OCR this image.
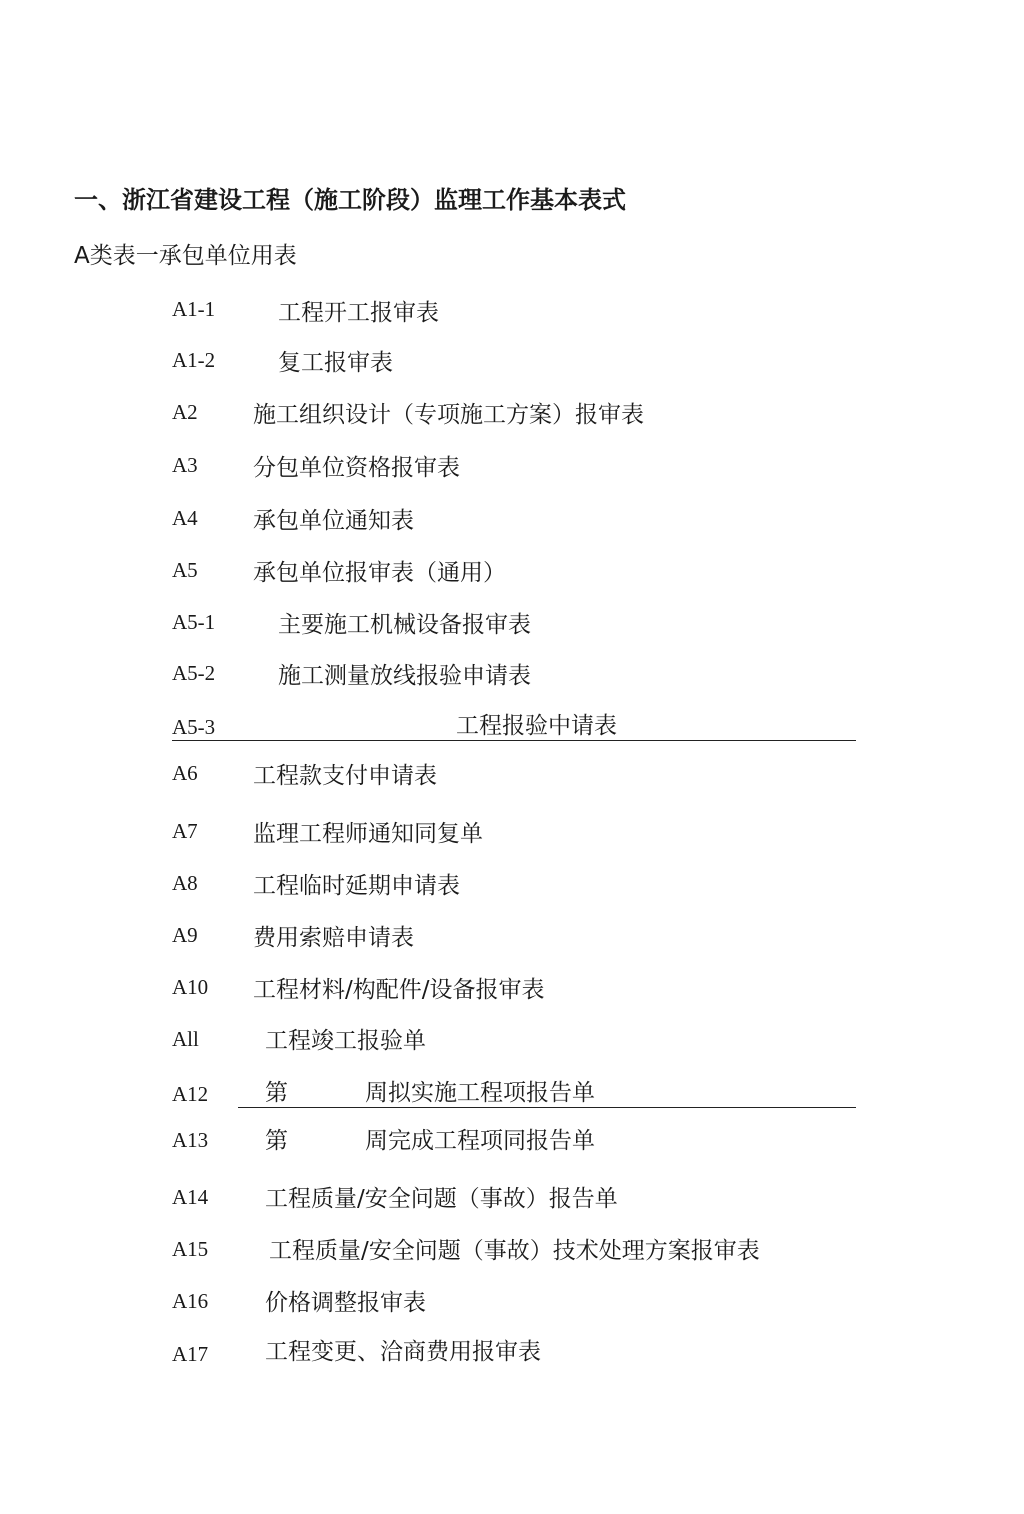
一、浙江省建设工程（施工阶段）监理工作基本表式
A类表一承包单位用表
A1-1	工程开工报审表
A1-2	复工报审表
A2 施工组织设计（专项施工方案）报审表
A3 分包单位资格报审表
A4 承包单位通知表
A5 承包单位报审表（通用）
A5-1	主要施工机械设备报审表
A5-2	施工测量放线报验申请表
A5-3	工程报验中请表
A6 工程款支付申请表
A7 监理工程师通知同复单
A8 工程临时延期申请表
A9 费用索赔申请表
A10 工程材料/构配件/设备报审表
All	工程竣工报验单
A12 第	周拟实施工程项报告单
A13 第	周完成工程项同报告单
A14 工程质量/安全问题（事故）报告单
A15	工程质量/安全问题（事故）技术处理方案报审表
A16 价格调整报审表
A17 工程变更、洽商费用报审表
